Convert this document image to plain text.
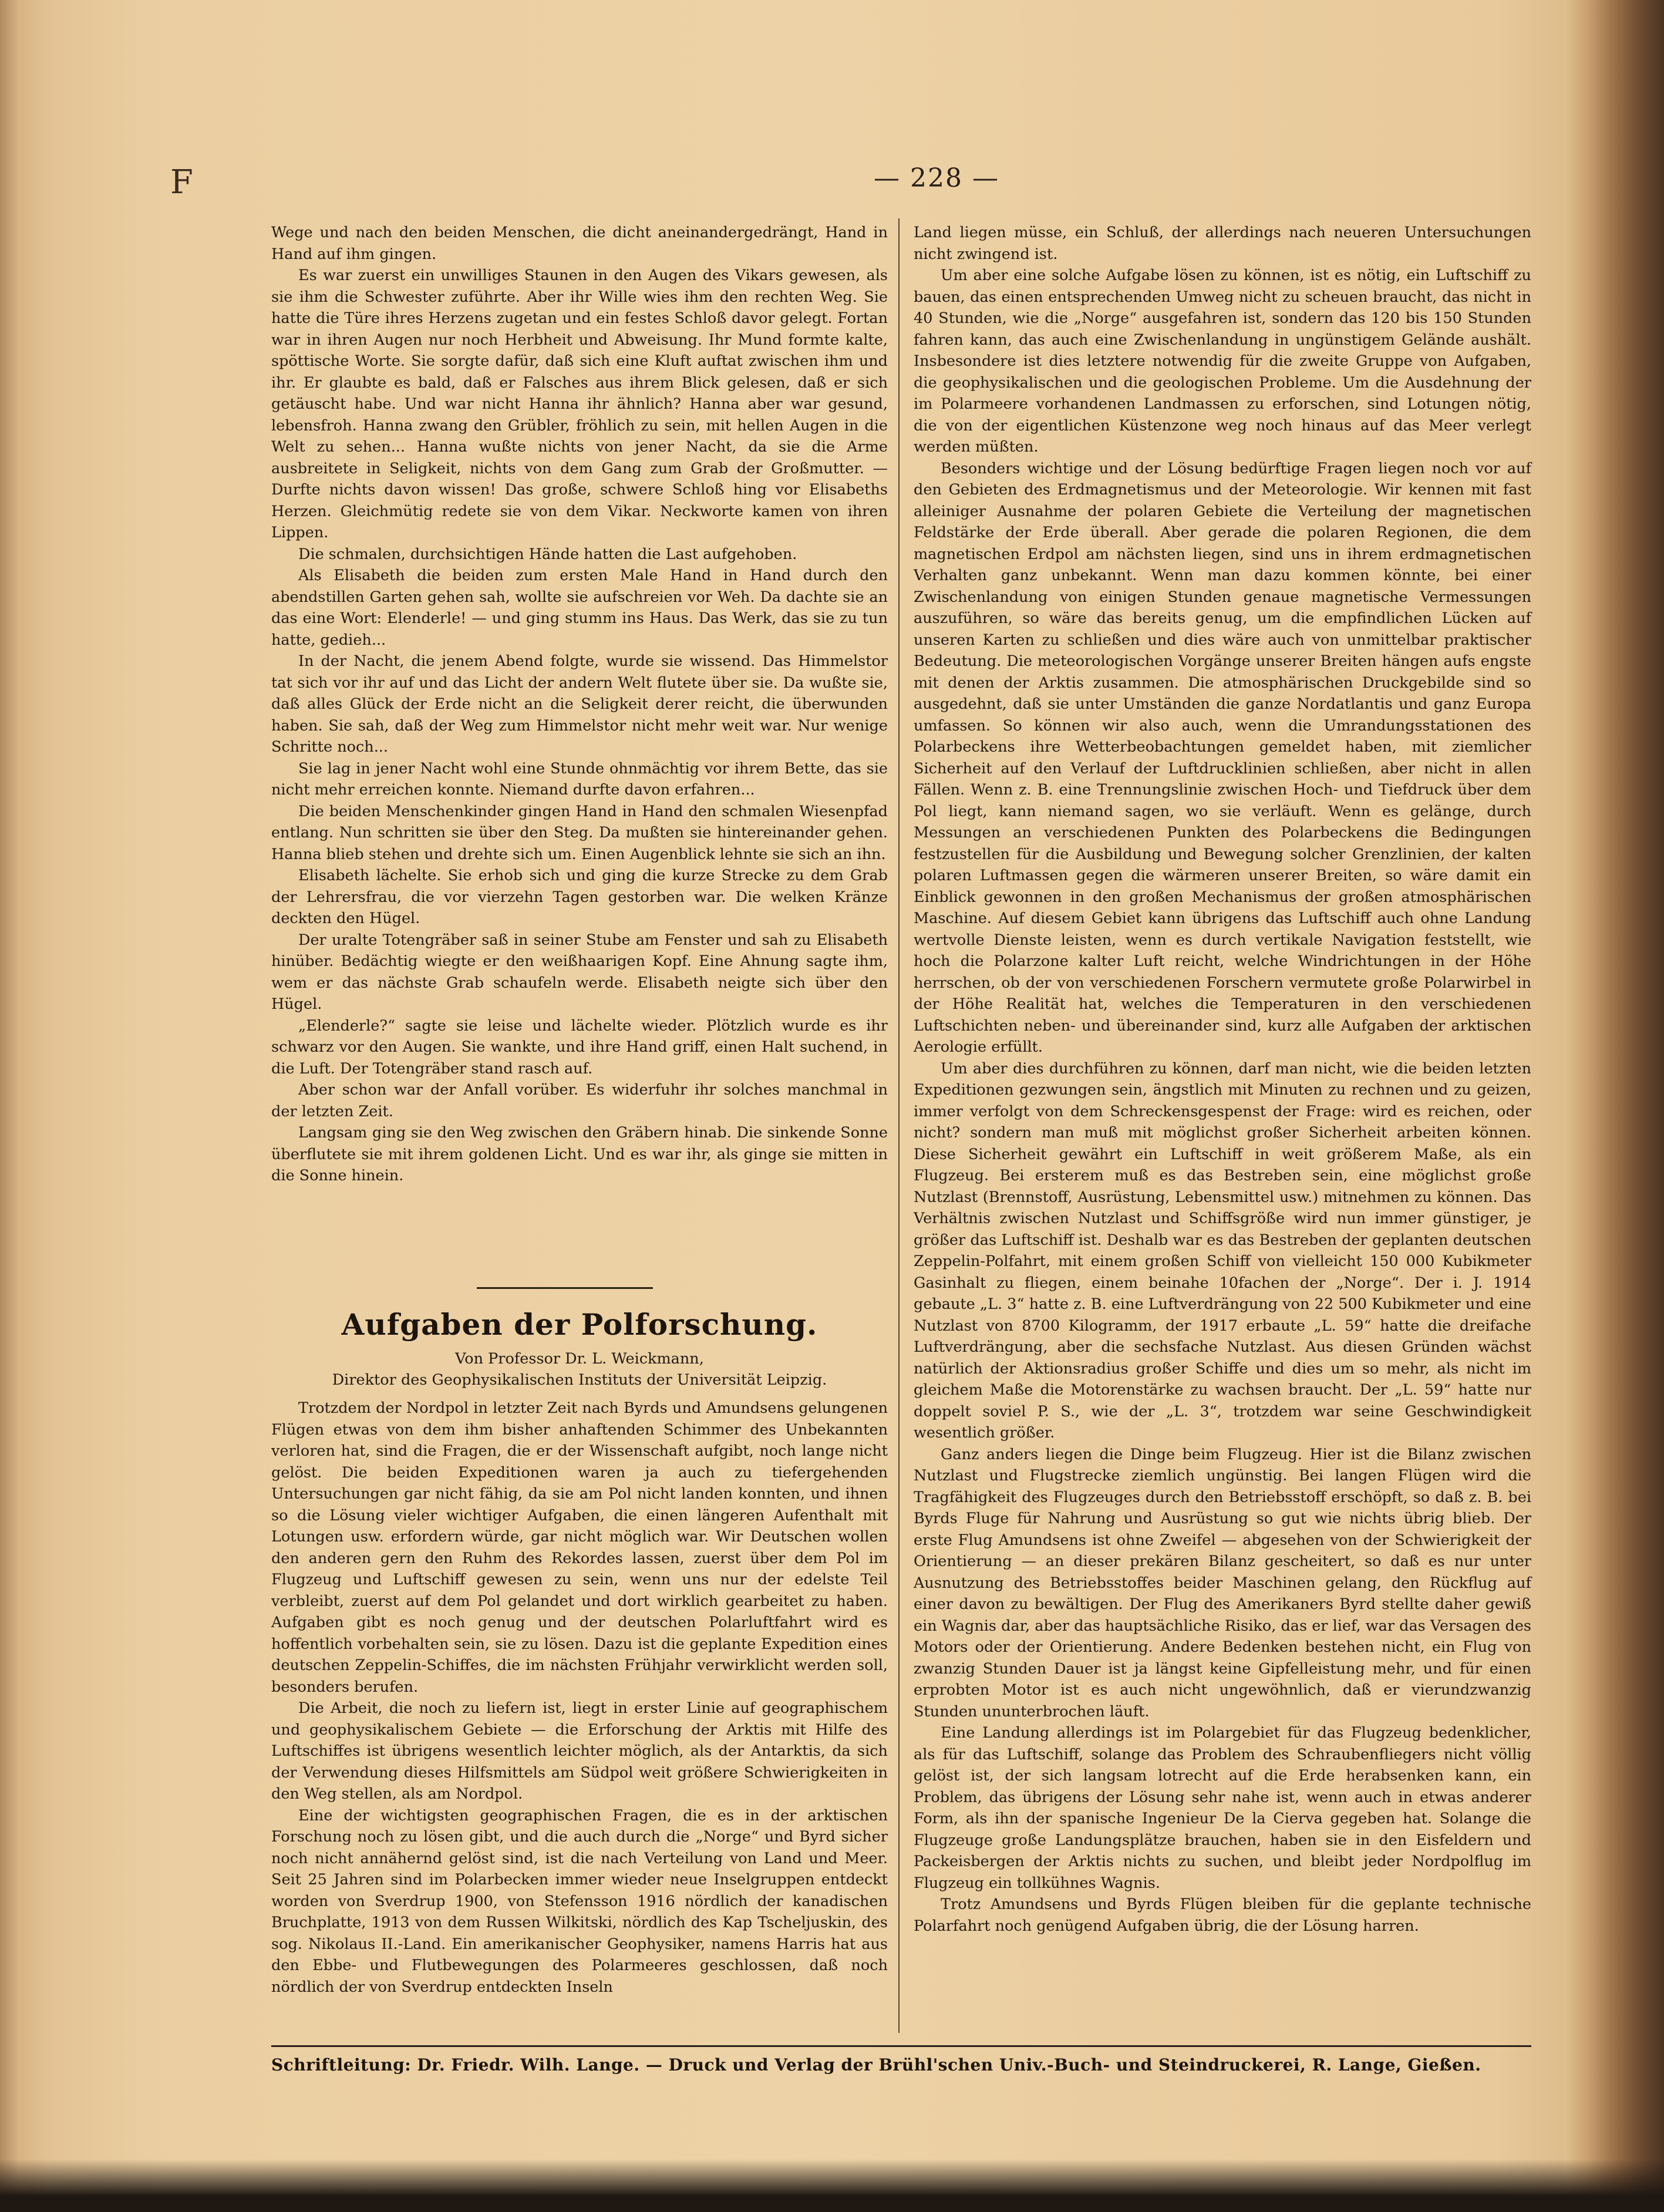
F	— 228 —

Wege und nach den beiden Menschen, die dicht aneinandergedrängt, Hand in Hand auf ihm gingen.

Es war zuerst ein unwilliges Staunen in den Augen des Vikars gewesen, als sie ihm die Schwester zuführte. Aber ihr Wille wies ihm den rechten Weg. Sie hatte die Türe ihres Herzens zugetan und ein festes Schloß davor gelegt. Fortan war in ihren Augen nur noch Herbheit und Abweisung. Ihr Mund formte kalte, spöttische Worte. Sie sorgte dafür, daß sich eine Kluft auftat zwischen ihm und ihr. Er glaubte es bald, daß er Falsches aus ihrem Blick gelesen, daß er sich getäuscht habe. Und war nicht Hanna ihr ähnlich? Hanna aber war gesund, lebensfroh. Hanna zwang den Grübler, fröhlich zu sein, mit hellen Augen in die Welt zu sehen... Hanna wußte nichts von jener Nacht, da sie die Arme ausbreitete in Seligkeit, nichts von dem Gang zum Grab der Großmutter. — Durfte nichts davon wissen! Das große, schwere Schloß hing vor Elisabeths Herzen. Gleichmütig redete sie von dem Vikar. Neckworte kamen von ihren Lippen.

Die schmalen, durchsichtigen Hände hatten die Last aufgehoben.

Als Elisabeth die beiden zum ersten Male Hand in Hand durch den abendstillen Garten gehen sah, wollte sie aufschreien vor Weh. Da dachte sie an das eine Wort: Elenderle! — und ging stumm ins Haus. Das Werk, das sie zu tun hatte, gedieh...

In der Nacht, die jenem Abend folgte, wurde sie wissend. Das Himmelstor tat sich vor ihr auf und das Licht der andern Welt flutete über sie. Da wußte sie, daß alles Glück der Erde nicht an die Seligkeit derer reicht, die überwunden haben. Sie sah, daß der Weg zum Himmelstor nicht mehr weit war. Nur wenige Schritte noch...

Sie lag in jener Nacht wohl eine Stunde ohnmächtig vor ihrem Bette, das sie nicht mehr erreichen konnte. Niemand durfte davon erfahren...

Die beiden Menschenkinder gingen Hand in Hand den schmalen Wiesenpfad entlang. Nun schritten sie über den Steg. Da mußten sie hintereinander gehen. Hanna blieb stehen und drehte sich um. Einen Augenblick lehnte sie sich an ihn.

Elisabeth lächelte. Sie erhob sich und ging die kurze Strecke zu dem Grab der Lehrersfrau, die vor vierzehn Tagen gestorben war. Die welken Kränze deckten den Hügel.

Der uralte Totengräber saß in seiner Stube am Fenster und sah zu Elisabeth hinüber. Bedächtig wiegte er den weißhaarigen Kopf. Eine Ahnung sagte ihm, wem er das nächste Grab schaufeln werde. Elisabeth neigte sich über den Hügel.

„Elenderle?“ sagte sie leise und lächelte wieder. Plötzlich wurde es ihr schwarz vor den Augen. Sie wankte, und ihre Hand griff, einen Halt suchend, in die Luft. Der Totengräber stand rasch auf.

Aber schon war der Anfall vorüber. Es widerfuhr ihr solches manchmal in der letzten Zeit.

Langsam ging sie den Weg zwischen den Gräbern hinab. Die sinkende Sonne überflutete sie mit ihrem goldenen Licht. Und es war ihr, als ginge sie mitten in die Sonne hinein.

Aufgaben der Polforschung.
Von Professor Dr. L. Weickmann,
Direktor des Geophysikalischen Instituts der Universität Leipzig.

Trotzdem der Nordpol in letzter Zeit nach Byrds und Amundsens gelungenen Flügen etwas von dem ihm bisher anhaftenden Schimmer des Unbekannten verloren hat, sind die Fragen, die er der Wissenschaft aufgibt, noch lange nicht gelöst. Die beiden Expeditionen waren ja auch zu tiefergehenden Untersuchungen gar nicht fähig, da sie am Pol nicht landen konnten, und ihnen so die Lösung vieler wichtiger Aufgaben, die einen längeren Aufenthalt mit Lotungen usw. erfordern würde, gar nicht möglich war. Wir Deutschen wollen den anderen gern den Ruhm des Rekordes lassen, zuerst über dem Pol im Flugzeug und Luftschiff gewesen zu sein, wenn uns nur der edelste Teil verbleibt, zuerst auf dem Pol gelandet und dort wirklich gearbeitet zu haben. Aufgaben gibt es noch genug und der deutschen Polarluftfahrt wird es hoffentlich vorbehalten sein, sie zu lösen. Dazu ist die geplante Expedition eines deutschen Zeppelin-Schiffes, die im nächsten Frühjahr verwirklicht werden soll, besonders berufen.

Die Arbeit, die noch zu liefern ist, liegt in erster Linie auf geographischem und geophysikalischem Gebiete — die Erforschung der Arktis mit Hilfe des Luftschiffes ist übrigens wesentlich leichter möglich, als der Antarktis, da sich der Verwendung dieses Hilfsmittels am Südpol weit größere Schwierigkeiten in den Weg stellen, als am Nordpol.

Eine der wichtigsten geographischen Fragen, die es in der arktischen Forschung noch zu lösen gibt, und die auch durch die „Norge“ und Byrd sicher noch nicht annähernd gelöst sind, ist die nach Verteilung von Land und Meer. Seit 25 Jahren sind im Polarbecken immer wieder neue Inselgruppen entdeckt worden von Sverdrup 1900, von Stefensson 1916 nördlich der kanadischen Bruchplatte, 1913 von dem Russen Wilkitski, nördlich des Kap Tscheljuskin, des sog. Nikolaus II.-Land. Ein amerikanischer Geophysiker, namens Harris hat aus den Ebbe- und Flutbewegungen des Polarmeeres geschlossen, daß noch nördlich der von Sverdrup entdeckten Inseln

Land liegen müsse, ein Schluß, der allerdings nach neueren Untersuchungen nicht zwingend ist.

Um aber eine solche Aufgabe lösen zu können, ist es nötig, ein Luftschiff zu bauen, das einen entsprechenden Umweg nicht zu scheuen braucht, das nicht in 40 Stunden, wie die „Norge“ ausgefahren ist, sondern das 120 bis 150 Stunden fahren kann, das auch eine Zwischenlandung in ungünstigem Gelände aushält. Insbesondere ist dies letztere notwendig für die zweite Gruppe von Aufgaben, die geophysikalischen und die geologischen Probleme. Um die Ausdehnung der im Polarmeere vorhandenen Landmassen zu erforschen, sind Lotungen nötig, die von der eigentlichen Küstenzone weg noch hinaus auf das Meer verlegt werden müßten.

Besonders wichtige und der Lösung bedürftige Fragen liegen noch vor auf den Gebieten des Erdmagnetismus und der Meteorologie. Wir kennen mit fast alleiniger Ausnahme der polaren Gebiete die Verteilung der magnetischen Feldstärke der Erde überall. Aber gerade die polaren Regionen, die dem magnetischen Erdpol am nächsten liegen, sind uns in ihrem erdmagnetischen Verhalten ganz unbekannt. Wenn man dazu kommen könnte, bei einer Zwischenlandung von einigen Stunden genaue magnetische Vermessungen auszuführen, so wäre das bereits genug, um die empfindlichen Lücken auf unseren Karten zu schließen und dies wäre auch von unmittelbar praktischer Bedeutung. Die meteorologischen Vorgänge unserer Breiten hängen aufs engste mit denen der Arktis zusammen. Die atmosphärischen Druckgebilde sind so ausgedehnt, daß sie unter Umständen die ganze Nordatlantis und ganz Europa umfassen. So können wir also auch, wenn die Umrandungsstationen des Polarbeckens ihre Wetterbeobachtungen gemeldet haben, mit ziemlicher Sicherheit auf den Verlauf der Luftdrucklinien schließen, aber nicht in allen Fällen. Wenn z. B. eine Trennungslinie zwischen Hoch- und Tiefdruck über dem Pol liegt, kann niemand sagen, wo sie verläuft. Wenn es gelänge, durch Messungen an verschiedenen Punkten des Polarbeckens die Bedingungen festzustellen für die Ausbildung und Bewegung solcher Grenzlinien, der kalten polaren Luftmassen gegen die wärmeren unserer Breiten, so wäre damit ein Einblick gewonnen in den großen Mechanismus der großen atmosphärischen Maschine. Auf diesem Gebiet kann übrigens das Luftschiff auch ohne Landung wertvolle Dienste leisten, wenn es durch vertikale Navigation feststellt, wie hoch die Polarzone kalter Luft reicht, welche Windrichtungen in der Höhe herrschen, ob der von verschiedenen Forschern vermutete große Polarwirbel in der Höhe Realität hat, welches die Temperaturen in den verschiedenen Luftschichten neben- und übereinander sind, kurz alle Aufgaben der arktischen Aerologie erfüllt.

Um aber dies durchführen zu können, darf man nicht, wie die beiden letzten Expeditionen gezwungen sein, ängstlich mit Minuten zu rechnen und zu geizen, immer verfolgt von dem Schreckensgespenst der Frage: wird es reichen, oder nicht? sondern man muß mit möglichst großer Sicherheit arbeiten können. Diese Sicherheit gewährt ein Luftschiff in weit größerem Maße, als ein Flugzeug. Bei ersterem muß es das Bestreben sein, eine möglichst große Nutzlast (Brennstoff, Ausrüstung, Lebensmittel usw.) mitnehmen zu können. Das Verhältnis zwischen Nutzlast und Schiffsgröße wird nun immer günstiger, je größer das Luftschiff ist. Deshalb war es das Bestreben der geplanten deutschen Zeppelin-Polfahrt, mit einem großen Schiff von vielleicht 150 000 Kubikmeter Gasinhalt zu fliegen, einem beinahe 10fachen der „Norge“. Der i. J. 1914 gebaute „L. 3“ hatte z. B. eine Luftverdrängung von 22 500 Kubikmeter und eine Nutzlast von 8700 Kilogramm, der 1917 erbaute „L. 59“ hatte die dreifache Luftverdrängung, aber die sechsfache Nutzlast. Aus diesen Gründen wächst natürlich der Aktionsradius großer Schiffe und dies um so mehr, als nicht im gleichem Maße die Motorenstärke zu wachsen braucht. Der „L. 59“ hatte nur doppelt soviel P. S., wie der „L. 3“, trotzdem war seine Geschwindigkeit wesentlich größer.

Ganz anders liegen die Dinge beim Flugzeug. Hier ist die Bilanz zwischen Nutzlast und Flugstrecke ziemlich ungünstig. Bei langen Flügen wird die Tragfähigkeit des Flugzeuges durch den Betriebsstoff erschöpft, so daß z. B. bei Byrds Fluge für Nahrung und Ausrüstung so gut wie nichts übrig blieb. Der erste Flug Amundsens ist ohne Zweifel — abgesehen von der Schwierigkeit der Orientierung — an dieser prekären Bilanz gescheitert, so daß es nur unter Ausnutzung des Betriebsstoffes beider Maschinen gelang, den Rückflug auf einer davon zu bewältigen. Der Flug des Amerikaners Byrd stellte daher gewiß ein Wagnis dar, aber das hauptsächliche Risiko, das er lief, war das Versagen des Motors oder der Orientierung. Andere Bedenken bestehen nicht, ein Flug von zwanzig Stunden Dauer ist ja längst keine Gipfelleistung mehr, und für einen erprobten Motor ist es auch nicht ungewöhnlich, daß er vierundzwanzig Stunden ununterbrochen läuft.

Eine Landung allerdings ist im Polargebiet für das Flugzeug bedenklicher, als für das Luftschiff, solange das Problem des Schraubenfliegers nicht völlig gelöst ist, der sich langsam lotrecht auf die Erde herabsenken kann, ein Problem, das übrigens der Lösung sehr nahe ist, wenn auch in etwas anderer Form, als ihn der spanische Ingenieur De la Cierva gegeben hat. Solange die Flugzeuge große Landungsplätze brauchen, haben sie in den Eisfeldern und Packeisbergen der Arktis nichts zu suchen, und bleibt jeder Nordpolflug im Flugzeug ein tollkühnes Wagnis.

Trotz Amundsens und Byrds Flügen bleiben für die geplante technische Polarfahrt noch genügend Aufgaben übrig, die der Lösung harren.

Schriftleitung: Dr. Friedr. Wilh. Lange. — Druck und Verlag der Brühl'schen Univ.-Buch- und Steindruckerei, R. Lange, Gießen.
